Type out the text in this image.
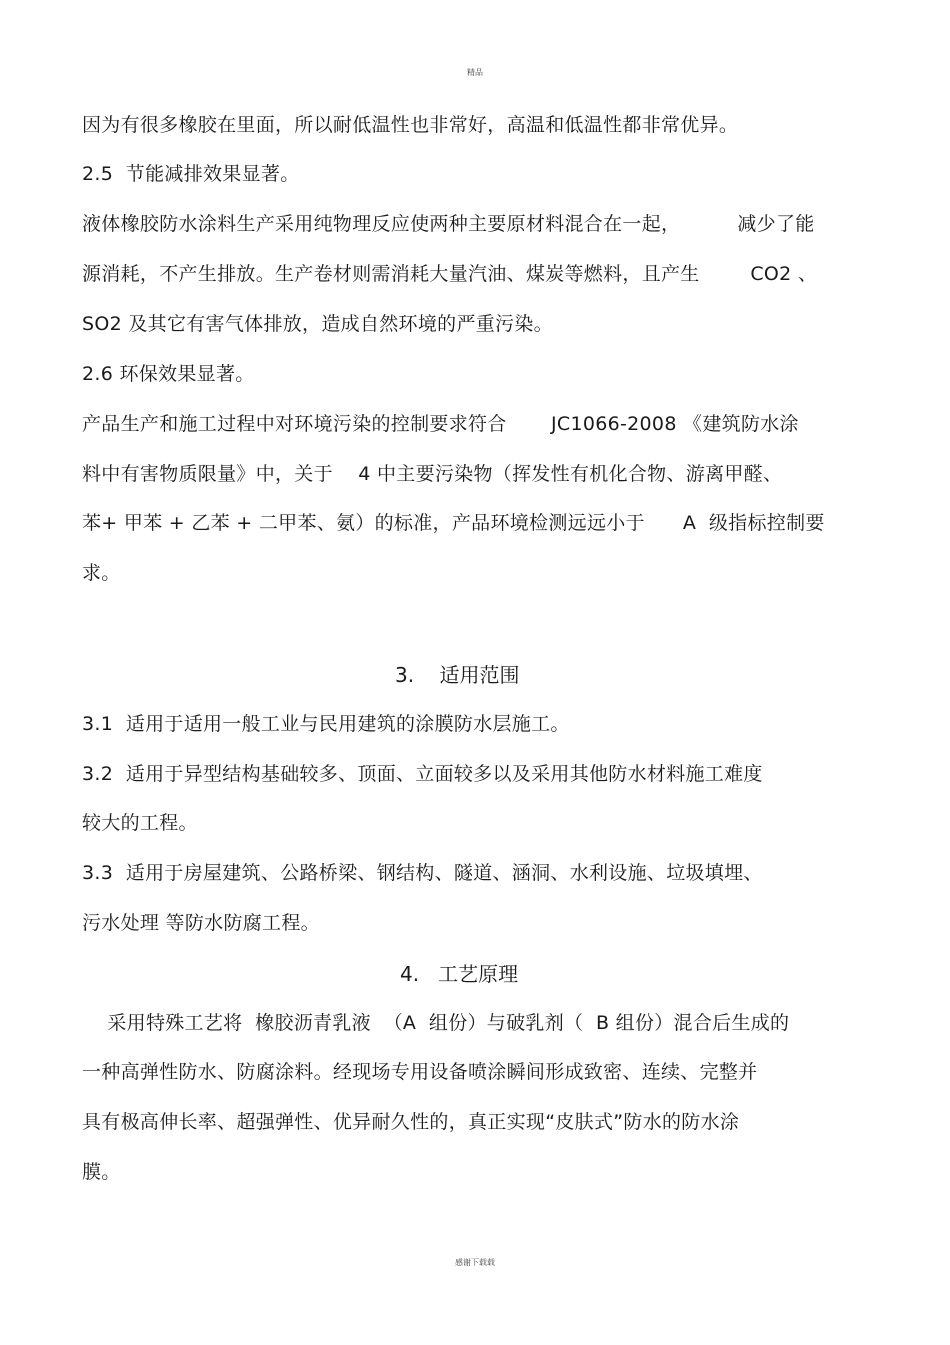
精品
因为有很多橡胶在里面，所以耐低温性也非常好，高温和低温性都非常优异。
2.5  节能减排效果显著。
液体橡胶防水涂料生产采用纯物理反应使两种主要原材料混合在一起，         减少了能
源消耗，不产生排放。生产卷材则需消耗大量汽油、煤炭等燃料，且产生        CO2 、
SO2 及其它有害气体排放，造成自然环境的严重污染。
2.6 环保效果显著。
产品生产和施工过程中对环境污染的控制要求符合       JC1066-2008 《建筑防水涂
料中有害物质限量》中，关于    4 中主要污染物（挥发性有机化合物、游离甲醛、
苯+ 甲苯 + 乙苯 + 二甲苯、氨）的标准，产品环境检测远远小于      A  级指标控制要
求。
3.    适用范围
3.1  适用于适用一般工业与民用建筑的涂膜防水层施工。
3.2  适用于异型结构基础较多、顶面、立面较多以及采用其他防水材料施工难度
较大的工程。
3.3  适用于房屋建筑、公路桥梁、钢结构、隧道、涵洞、水利设施、垃圾填埋、
污水处理 等防水防腐工程。
4.   工艺原理
采用特殊工艺将  橡胶沥青乳液  （A  组份）与破乳剂（  B 组份）混合后生成的
一种高弹性防水、防腐涂料。经现场专用设备喷涂瞬间形成致密、连续、完整并
具有极高伸长率、超强弹性、优异耐久性的，真正实现“皮肤式”防水的防水涂
膜。
感谢下载载
